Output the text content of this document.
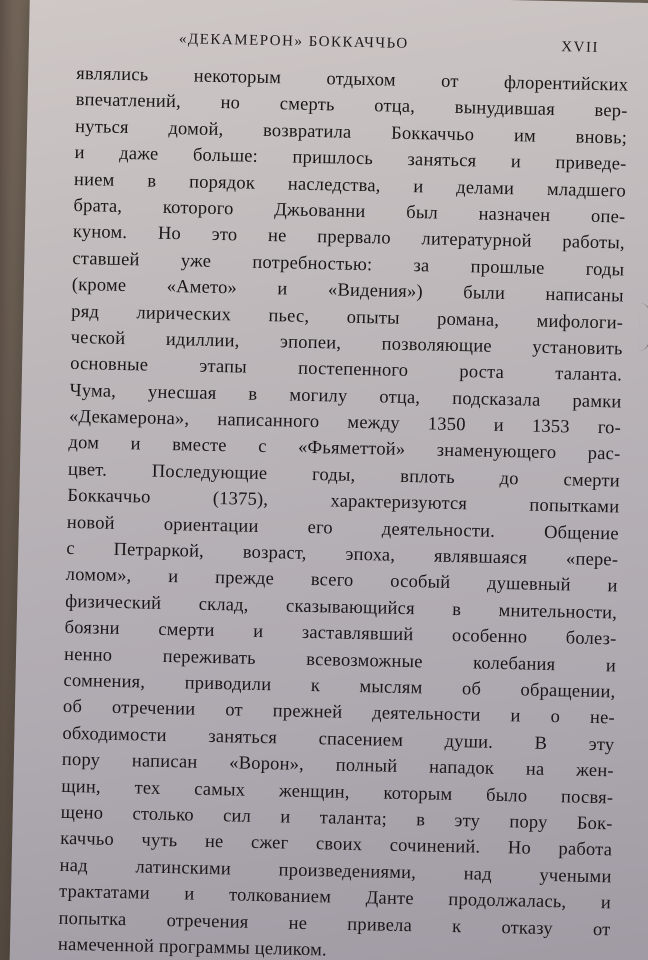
«ДЕКАМЕРОН» БОККАЧЧЬО	XVII
являлись некоторым отдыхом от флорентийских
впечатлений, но смерть отца, вынудившая вер-
нуться домой, возвратила Боккаччьо им вновь;
и даже больше: пришлось заняться и приведе-
нием в порядок наследства, и делами младшего
брата, которого Джьованни был назначен опе-
куном. Но это не прервало литературной работы,
ставшей уже потребностью: за прошлые годы
(кроме «Амето» и «Видения») были написаны
ряд лирических пьес, опыты романа, мифологи-
ческой идиллии, эпопеи, позволяющие установить
основные этапы постепенного роста таланта.
Чума, унесшая в могилу отца, подсказала рамки
«Декамерона», написанного между 1350 и 1353 го-
дом и вместе с «Фьяметтой» знаменующего рас-
цвет. Последующие годы, вплоть до смерти
Боккаччьо (1375), характеризуются попытками
новой ориентации его деятельности. Общение
с Петраркой, возраст, эпоха, являвшаяся «пере-
ломом», и прежде всего особый душевный и
физический склад, сказывающийся в мнительности,
боязни смерти и заставлявший особенно болез-
ненно переживать всевозможные колебания и
сомнения, приводили к мыслям об обращении,
об отречении от прежней деятельности и о не-
обходимости заняться спасением души. В эту
пору написан «Ворон», полный нападок на жен-
щин, тех самых женщин, которым было посвя-
щено столько сил и таланта; в эту пору Бок-
каччьо чуть не сжег своих сочинений. Но работа
над латинскими произведениями, над учеными
трактатами и толкованием Данте продолжалась, и
попытка отречения не привела к отказу от
намеченной программы целиком.
